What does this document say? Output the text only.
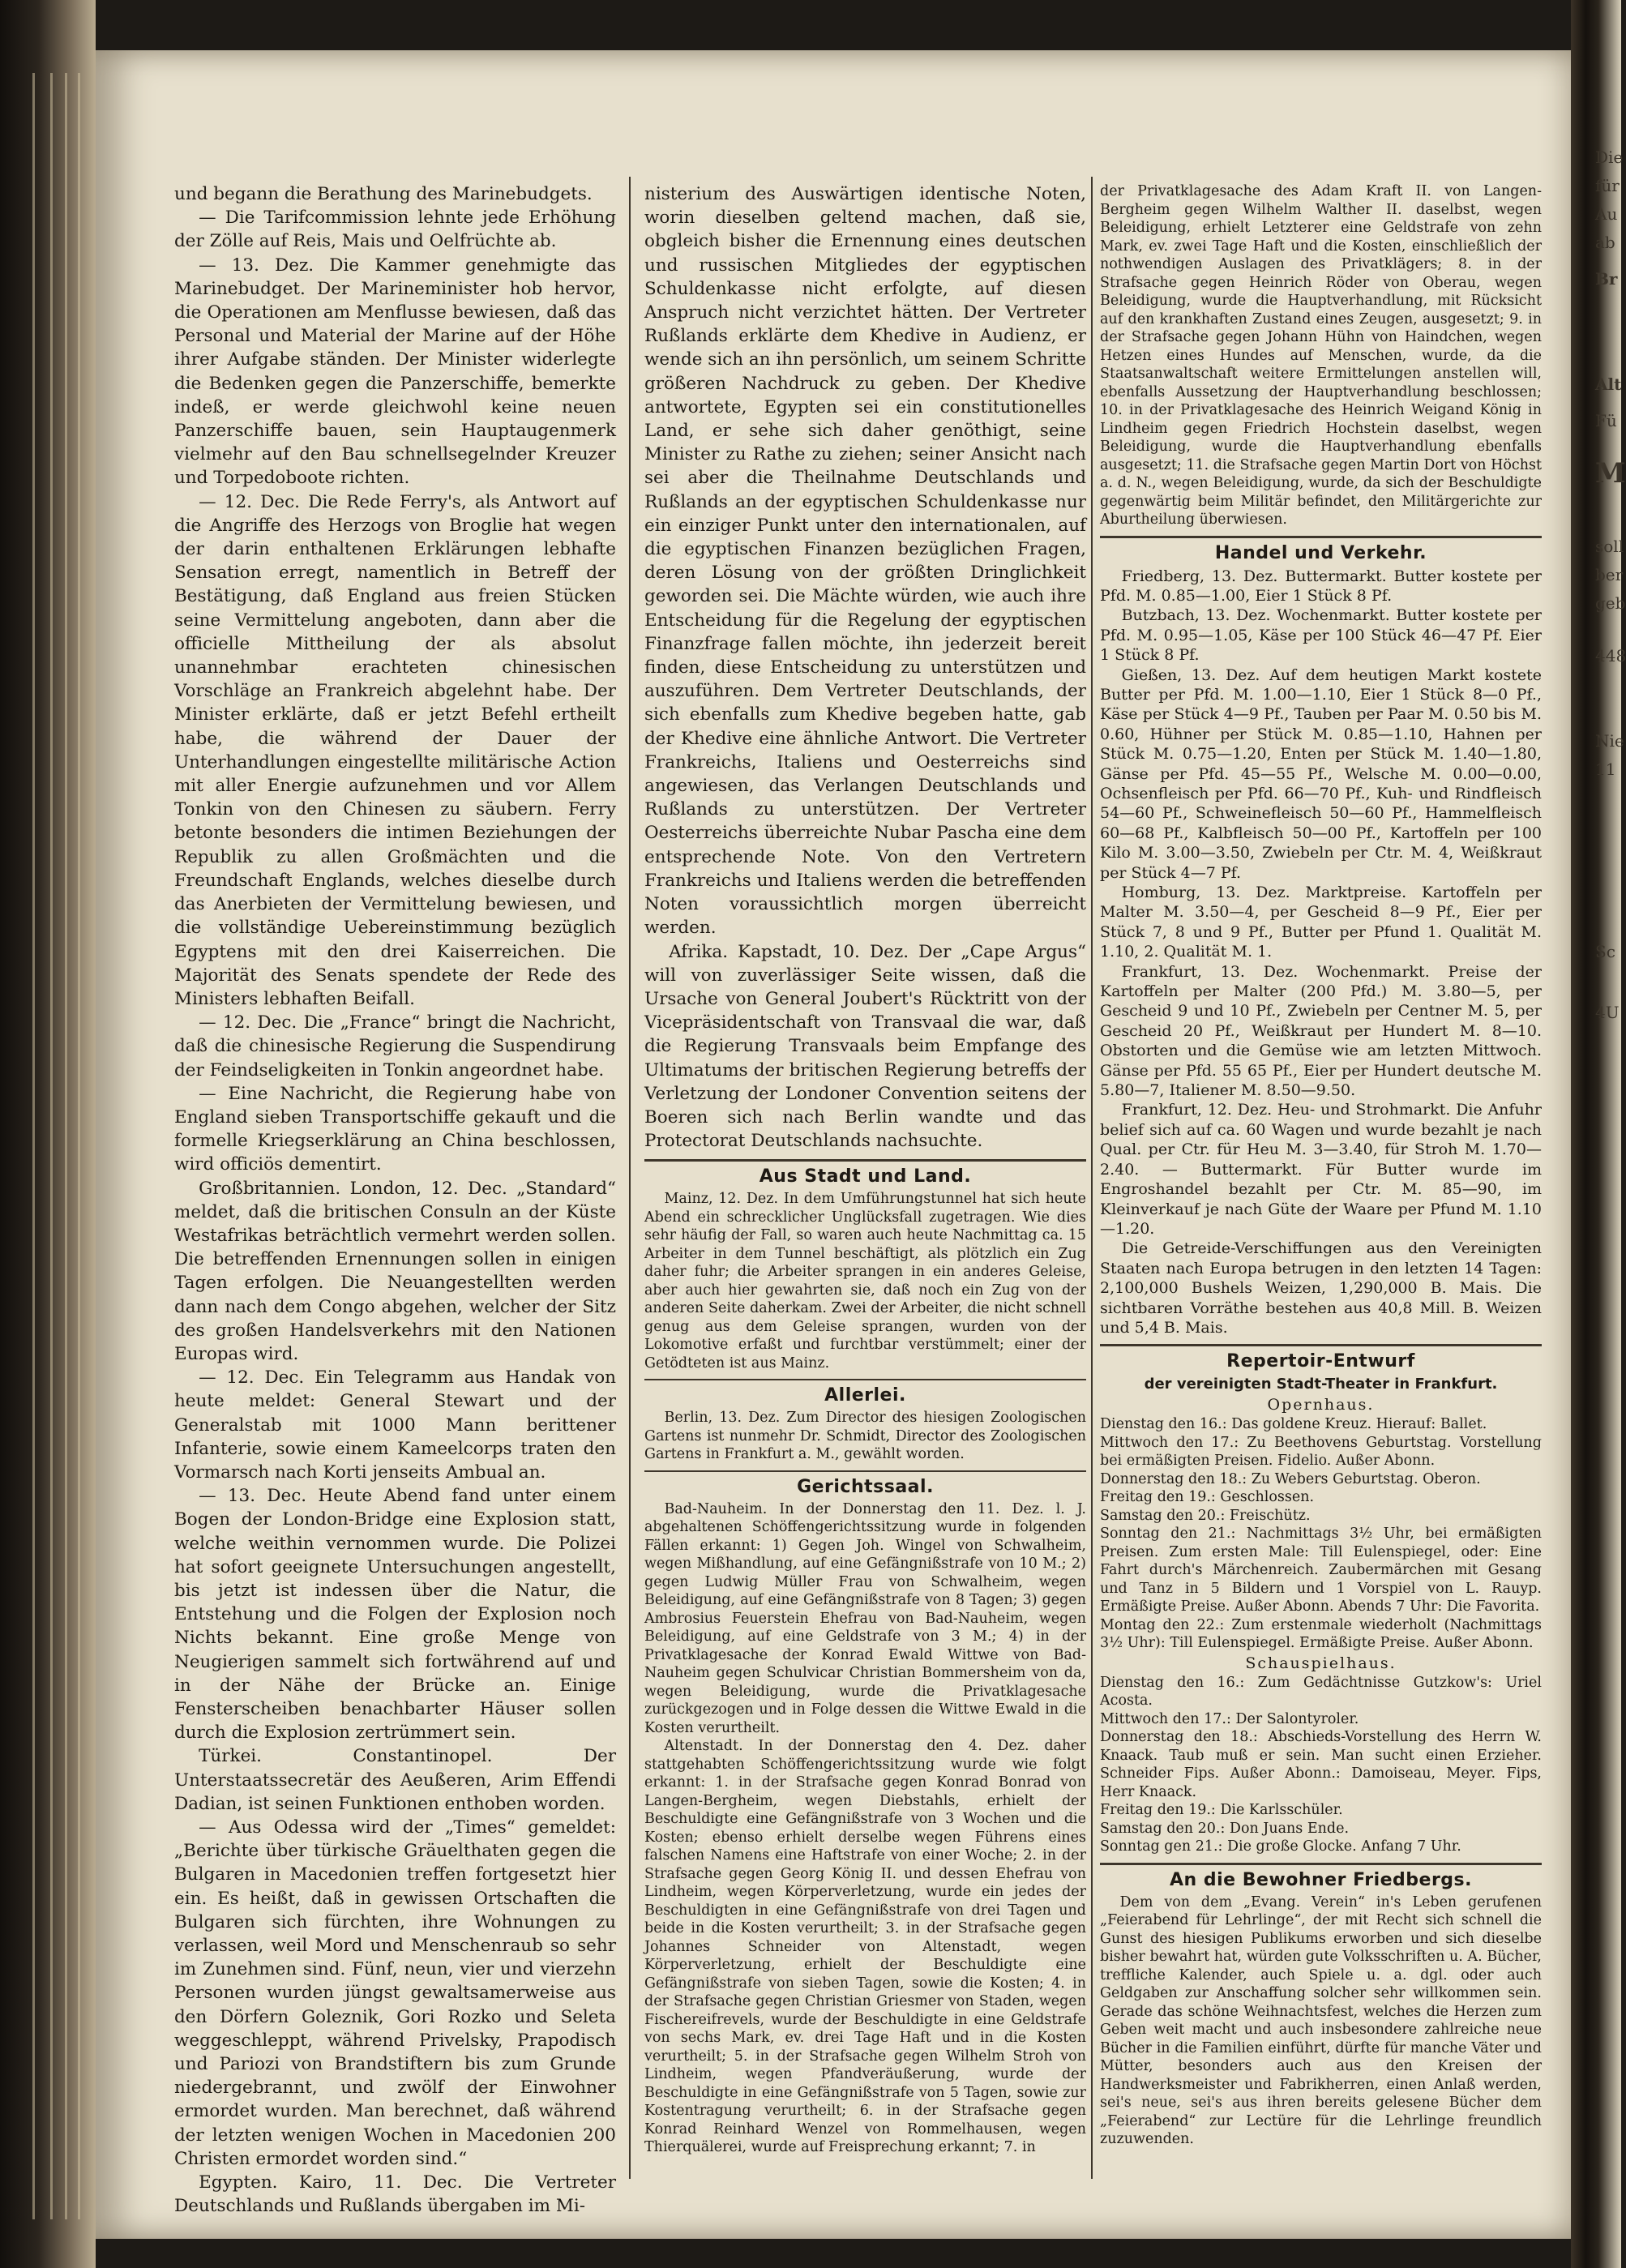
Die
für
Au
ab
Br
Alt
Fü
M
soll
ber
geb
448
Nie
11
Sc
4U

und begann die Berathung des Marinebudgets.

— Die Tarifcommission lehnte jede Erhöhung der Zölle auf Reis, Mais und Oelfrüchte ab.

— 13. Dez. Die Kammer genehmigte das Marinebudget. Der Marineminister hob hervor, die Operationen am Menflusse bewiesen, daß das Personal und Material der Marine auf der Höhe ihrer Aufgabe ständen. Der Minister widerlegte die Bedenken gegen die Panzerschiffe, bemerkte indeß, er werde gleichwohl keine neuen Panzerschiffe bauen, sein Hauptaugenmerk vielmehr auf den Bau schnellsegelnder Kreuzer und Torpedoboote richten.

— 12. Dec. Die Rede Ferry's, als Antwort auf die Angriffe des Herzogs von Broglie hat wegen der darin enthaltenen Erklärungen lebhafte Sensation erregt, namentlich in Betreff der Bestätigung, daß England aus freien Stücken seine Vermittelung angeboten, dann aber die officielle Mittheilung der als absolut unannehmbar erachteten chinesischen Vorschläge an Frankreich abgelehnt habe. Der Minister erklärte, daß er jetzt Befehl ertheilt habe, die während der Dauer der Unterhandlungen eingestellte militärische Action mit aller Energie aufzunehmen und vor Allem Tonkin von den Chinesen zu säubern. Ferry betonte besonders die intimen Beziehungen der Republik zu allen Großmächten und die Freundschaft Englands, welches dieselbe durch das Anerbieten der Vermittelung bewiesen, und die vollständige Uebereinstimmung bezüglich Egyptens mit den drei Kaiserreichen. Die Majorität des Senats spendete der Rede des Ministers lebhaften Beifall.

— 12. Dec. Die „France“ bringt die Nachricht, daß die chinesische Regierung die Suspendirung der Feindseligkeiten in Tonkin angeordnet habe.

— Eine Nachricht, die Regierung habe von England sieben Transportschiffe gekauft und die formelle Kriegserklärung an China beschlossen, wird officiös dementirt.

Großbritannien. London, 12. Dec. „Standard“ meldet, daß die britischen Consuln an der Küste Westafrikas beträchtlich vermehrt werden sollen. Die betreffenden Ernennungen sollen in einigen Tagen erfolgen. Die Neuangestellten werden dann nach dem Congo abgehen, welcher der Sitz des großen Handelsverkehrs mit den Nationen Europas wird.

— 12. Dec. Ein Telegramm aus Handak von heute meldet: General Stewart und der Generalstab mit 1000 Mann berittener Infanterie, sowie einem Kameelcorps traten den Vormarsch nach Korti jenseits Ambual an.

— 13. Dec. Heute Abend fand unter einem Bogen der London-Bridge eine Explosion statt, welche weithin vernommen wurde. Die Polizei hat sofort geeignete Untersuchungen angestellt, bis jetzt ist indessen über die Natur, die Entstehung und die Folgen der Explosion noch Nichts bekannt. Eine große Menge von Neugierigen sammelt sich fortwährend auf und in der Nähe der Brücke an. Einige Fensterscheiben benachbarter Häuser sollen durch die Explosion zertrümmert sein.

Türkei. Constantinopel. Der Unterstaatssecretär des Aeußeren, Arim Effendi Dadian, ist seinen Funktionen enthoben worden.

— Aus Odessa wird der „Times“ gemeldet: „Berichte über türkische Gräuelthaten gegen die Bulgaren in Macedonien treffen fortgesetzt hier ein. Es heißt, daß in gewissen Ortschaften die Bulgaren sich fürchten, ihre Wohnungen zu verlassen, weil Mord und Menschenraub so sehr im Zunehmen sind. Fünf, neun, vier und vierzehn Personen wurden jüngst gewaltsamerweise aus den Dörfern Goleznik, Gori Rozko und Seleta weggeschleppt, während Privelsky, Prapodisch und Pariozi von Brandstiftern bis zum Grunde niedergebrannt, und zwölf der Einwohner ermordet wurden. Man berechnet, daß während der letzten wenigen Wochen in Macedonien 200 Christen ermordet worden sind.“

Egypten. Kairo, 11. Dec. Die Vertreter Deutschlands und Rußlands übergaben im Mi-

nisterium des Auswärtigen identische Noten, worin dieselben geltend machen, daß sie, obgleich bisher die Ernennung eines deutschen und russischen Mitgliedes der egyptischen Schuldenkasse nicht erfolgte, auf diesen Anspruch nicht verzichtet hätten. Der Vertreter Rußlands erklärte dem Khedive in Audienz, er wende sich an ihn persönlich, um seinem Schritte größeren Nachdruck zu geben. Der Khedive antwortete, Egypten sei ein constitutionelles Land, er sehe sich daher genöthigt, seine Minister zu Rathe zu ziehen; seiner Ansicht nach sei aber die Theilnahme Deutschlands und Rußlands an der egyptischen Schuldenkasse nur ein einziger Punkt unter den internationalen, auf die egyptischen Finanzen bezüglichen Fragen, deren Lösung von der größten Dringlichkeit geworden sei. Die Mächte würden, wie auch ihre Entscheidung für die Regelung der egyptischen Finanzfrage fallen möchte, ihn jederzeit bereit finden, diese Entscheidung zu unterstützen und auszuführen. Dem Vertreter Deutschlands, der sich ebenfalls zum Khedive begeben hatte, gab der Khedive eine ähnliche Antwort. Die Vertreter Frankreichs, Italiens und Oesterreichs sind angewiesen, das Verlangen Deutschlands und Rußlands zu unterstützen. Der Vertreter Oesterreichs überreichte Nubar Pascha eine dem entsprechende Note. Von den Vertretern Frankreichs und Italiens werden die betreffenden Noten voraussichtlich morgen überreicht werden.

Afrika. Kapstadt, 10. Dez. Der „Cape Argus“ will von zuverlässiger Seite wissen, daß die Ursache von General Joubert's Rücktritt von der Vicepräsidentschaft von Transvaal die war, daß die Regierung Transvaals beim Empfange des Ultimatums der britischen Regierung betreffs der Verletzung der Londoner Convention seitens der Boeren sich nach Berlin wandte und das Protectorat Deutschlands nachsuchte.

Aus Stadt und Land.

Mainz, 12. Dez. In dem Umführungstunnel hat sich heute Abend ein schrecklicher Unglücksfall zugetragen. Wie dies sehr häufig der Fall, so waren auch heute Nachmittag ca. 15 Arbeiter in dem Tunnel beschäftigt, als plötzlich ein Zug daher fuhr; die Arbeiter sprangen in ein anderes Geleise, aber auch hier gewahrten sie, daß noch ein Zug von der anderen Seite daherkam. Zwei der Arbeiter, die nicht schnell genug aus dem Geleise sprangen, wurden von der Lokomotive erfaßt und furchtbar verstümmelt; einer der Getödteten ist aus Mainz.

Allerlei.

Berlin, 13. Dez. Zum Director des hiesigen Zoologischen Gartens ist nunmehr Dr. Schmidt, Director des Zoologischen Gartens in Frankfurt a. M., gewählt worden.

Gerichtssaal.

Bad-Nauheim. In der Donnerstag den 11. Dez. l. J. abgehaltenen Schöffengerichtssitzung wurde in folgenden Fällen erkannt: 1) Gegen Joh. Wingel von Schwalheim, wegen Mißhandlung, auf eine Gefängnißstrafe von 10 M.; 2) gegen Ludwig Müller Frau von Schwalheim, wegen Beleidigung, auf eine Gefängnißstrafe von 8 Tagen; 3) gegen Ambrosius Feuerstein Ehefrau von Bad-Nauheim, wegen Beleidigung, auf eine Geldstrafe von 3 M.; 4) in der Privatklagesache der Konrad Ewald Wittwe von Bad-Nauheim gegen Schulvicar Christian Bommersheim von da, wegen Beleidigung, wurde die Privatklagesache zurückgezogen und in Folge dessen die Wittwe Ewald in die Kosten verurtheilt.

Altenstadt. In der Donnerstag den 4. Dez. daher stattgehabten Schöffengerichtssitzung wurde wie folgt erkannt: 1. in der Strafsache gegen Konrad Bonrad von Langen-Bergheim, wegen Diebstahls, erhielt der Beschuldigte eine Gefängnißstrafe von 3 Wochen und die Kosten; ebenso erhielt derselbe wegen Führens eines falschen Namens eine Haftstrafe von einer Woche; 2. in der Strafsache gegen Georg König II. und dessen Ehefrau von Lindheim, wegen Körperverletzung, wurde ein jedes der Beschuldigten in eine Gefängnißstrafe von drei Tagen und beide in die Kosten verurtheilt; 3. in der Strafsache gegen Johannes Schneider von Altenstadt, wegen Körperverletzung, erhielt der Beschuldigte eine Gefängnißstrafe von sieben Tagen, sowie die Kosten; 4. in der Strafsache gegen Christian Griesmer von Staden, wegen Fischereifrevels, wurde der Beschuldigte in eine Geldstrafe von sechs Mark, ev. drei Tage Haft und in die Kosten verurtheilt; 5. in der Strafsache gegen Wilhelm Stroh von Lindheim, wegen Pfandveräußerung, wurde der Beschuldigte in eine Gefängnißstrafe von 5 Tagen, sowie zur Kostentragung verurtheilt; 6. in der Strafsache gegen Konrad Reinhard Wenzel von Rommelhausen, wegen Thierquälerei, wurde auf Freisprechung erkannt; 7. in

der Privatklagesache des Adam Kraft II. von Langen-Bergheim gegen Wilhelm Walther II. daselbst, wegen Beleidigung, erhielt Letzterer eine Geldstrafe von zehn Mark, ev. zwei Tage Haft und die Kosten, einschließlich der nothwendigen Auslagen des Privatklägers; 8. in der Strafsache gegen Heinrich Röder von Oberau, wegen Beleidigung, wurde die Hauptverhandlung, mit Rücksicht auf den krankhaften Zustand eines Zeugen, ausgesetzt; 9. in der Strafsache gegen Johann Hühn von Haindchen, wegen Hetzen eines Hundes auf Menschen, wurde, da die Staatsanwaltschaft weitere Ermittelungen anstellen will, ebenfalls Aussetzung der Hauptverhandlung beschlossen; 10. in der Privatklagesache des Heinrich Weigand König in Lindheim gegen Friedrich Hochstein daselbst, wegen Beleidigung, wurde die Hauptverhandlung ebenfalls ausgesetzt; 11. die Strafsache gegen Martin Dort von Höchst a. d. N., wegen Beleidigung, wurde, da sich der Beschuldigte gegenwärtig beim Militär befindet, den Militärgerichte zur Aburtheilung überwiesen.

Handel und Verkehr.

Friedberg, 13. Dez. Buttermarkt. Butter kostete per Pfd. M. 0.85—1.00, Eier 1 Stück 8 Pf.

Butzbach, 13. Dez. Wochenmarkt. Butter kostete per Pfd. M. 0.95—1.05, Käse per 100 Stück 46—47 Pf. Eier 1 Stück 8 Pf.

Gießen, 13. Dez. Auf dem heutigen Markt kostete Butter per Pfd. M. 1.00—1.10, Eier 1 Stück 8—0 Pf., Käse per Stück 4—9 Pf., Tauben per Paar M. 0.50 bis M. 0.60, Hühner per Stück M. 0.85—1.10, Hahnen per Stück M. 0.75—1.20, Enten per Stück M. 1.40—1.80, Gänse per Pfd. 45—55 Pf., Welsche M. 0.00—0.00, Ochsenfleisch per Pfd. 66—70 Pf., Kuh- und Rindfleisch 54—60 Pf., Schweinefleisch 50—60 Pf., Hammelfleisch 60—68 Pf., Kalbfleisch 50—00 Pf., Kartoffeln per 100 Kilo M. 3.00—3.50, Zwiebeln per Ctr. M. 4, Weißkraut per Stück 4—7 Pf.

Homburg, 13. Dez. Marktpreise. Kartoffeln per Malter M. 3.50—4, per Gescheid 8—9 Pf., Eier per Stück 7, 8 und 9 Pf., Butter per Pfund 1. Qualität M. 1.10, 2. Qualität M. 1.

Frankfurt, 13. Dez. Wochenmarkt. Preise der Kartoffeln per Malter (200 Pfd.) M. 3.80—5, per Gescheid 9 und 10 Pf., Zwiebeln per Centner M. 5, per Gescheid 20 Pf., Weißkraut per Hundert M. 8—10. Obstorten und die Gemüse wie am letzten Mittwoch. Gänse per Pfd. 55 65 Pf., Eier per Hundert deutsche M. 5.80—7, Italiener M. 8.50—9.50.

Frankfurt, 12. Dez. Heu- und Strohmarkt. Die Anfuhr belief sich auf ca. 60 Wagen und wurde bezahlt je nach Qual. per Ctr. für Heu M. 3—3.40, für Stroh M. 1.70—2.40. — Buttermarkt. Für Butter wurde im Engroshandel bezahlt per Ctr. M. 85—90, im Kleinverkauf je nach Güte der Waare per Pfund M. 1.10—1.20.

Die Getreide-Verschiffungen aus den Vereinigten Staaten nach Europa betrugen in den letzten 14 Tagen: 2,100,000 Bushels Weizen, 1,290,000 B. Mais. Die sichtbaren Vorräthe bestehen aus 40,8 Mill. B. Weizen und 5,4 B. Mais.

Repertoir-Entwurf
der vereinigten Stadt-Theater in Frankfurt.
Opernhaus.

Dienstag den 16.: Das goldene Kreuz. Hierauf: Ballet.

Mittwoch den 17.: Zu Beethovens Geburtstag. Vorstellung bei ermäßigten Preisen. Fidelio. Außer Abonn.

Donnerstag den 18.: Zu Webers Geburtstag. Oberon.

Freitag den 19.: Geschlossen.

Samstag den 20.: Freischütz.

Sonntag den 21.: Nachmittags 3½ Uhr, bei ermäßigten Preisen. Zum ersten Male: Till Eulenspiegel, oder: Eine Fahrt durch's Märchenreich. Zaubermärchen mit Gesang und Tanz in 5 Bildern und 1 Vorspiel von L. Rauyp. Ermäßigte Preise. Außer Abonn. Abends 7 Uhr: Die Favorita.

Montag den 22.: Zum erstenmale wiederholt (Nachmittags 3½ Uhr): Till Eulenspiegel. Ermäßigte Preise. Außer Abonn.

Schauspielhaus.

Dienstag den 16.: Zum Gedächtnisse Gutzkow's: Uriel Acosta.

Mittwoch den 17.: Der Salontyroler.

Donnerstag den 18.: Abschieds-Vorstellung des Herrn W. Knaack. Taub muß er sein. Man sucht einen Erzieher. Schneider Fips. Außer Abonn.: Damoiseau, Meyer. Fips, Herr Knaack.

Freitag den 19.: Die Karlsschüler.

Samstag den 20.: Don Juans Ende.

Sonntag gen 21.: Die große Glocke. Anfang 7 Uhr.

An die Bewohner Friedbergs.

Dem von dem „Evang. Verein“ in's Leben gerufenen „Feierabend für Lehrlinge“, der mit Recht sich schnell die Gunst des hiesigen Publikums erworben und sich dieselbe bisher bewahrt hat, würden gute Volksschriften u. A. Bücher, treffliche Kalender, auch Spiele u. a. dgl. oder auch Geldgaben zur Anschaffung solcher sehr willkommen sein. Gerade das schöne Weihnachtsfest, welches die Herzen zum Geben weit macht und auch insbesondere zahlreiche neue Bücher in die Familien einführt, dürfte für manche Väter und Mütter, besonders auch aus den Kreisen der Handwerksmeister und Fabrikherren, einen Anlaß werden, sei's neue, sei's aus ihren bereits gelesene Bücher dem „Feierabend“ zur Lectüre für die Lehrlinge freundlich zuzuwenden.
